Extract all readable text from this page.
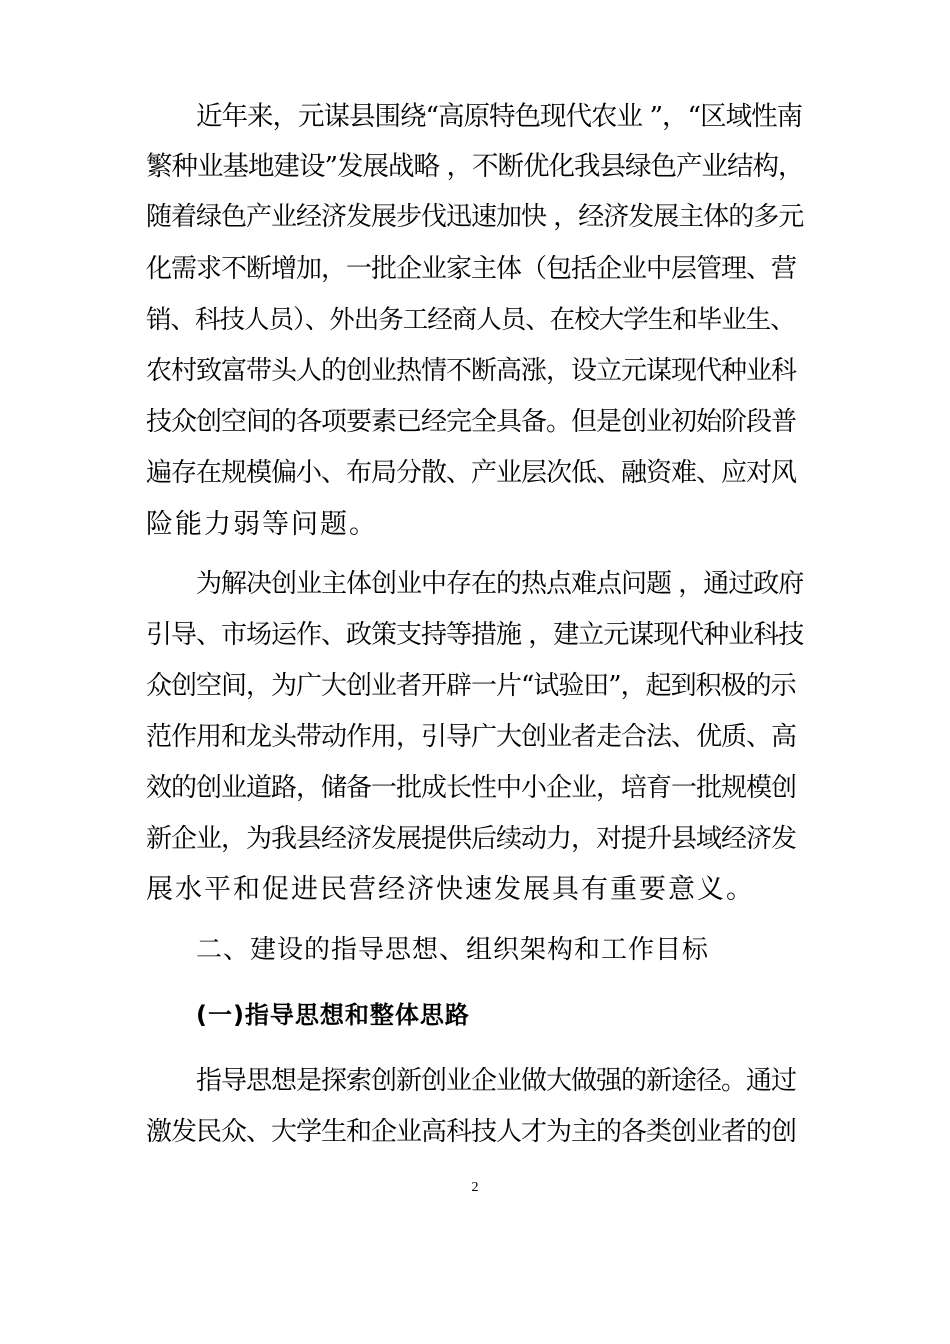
近年来，元谋县围绕“高原特色现代农业 ”，“区域性南
繁种业基地建设”发展战略 ，不断优化我县绿色产业结构，
随着绿色产业经济发展步伐迅速加快 ，经济发展主体的多元
化需求不断增加，一批企业家主体（包括企业中层管理、营
销、科技人员）、外出务工经商人员、在校大学生和毕业生、
农村致富带头人的创业热情不断高涨，设立元谋现代种业科
技众创空间的各项要素已经完全具备。但是创业初始阶段普
遍存在规模偏小、布局分散、产业层次低、融资难、应对风
险能力弱等问题。
为解决创业主体创业中存在的热点难点问题 ，通过政府
引导、市场运作、政策支持等措施 ，建立元谋现代种业科技
众创空间，为广大创业者开辟一片“试验田”，起到积极的示
范作用和龙头带动作用，引导广大创业者走合法、优质、高
效的创业道路，储备一批成长性中小企业，培育一批规模创
新企业，为我县经济发展提供后续动力，对提升县域经济发
展水平和促进民营经济快速发展具有重要意义。
二、建设的指导思想、组织架构和工作目标
(一)指导思想和整体思路
指导思想是探索创新创业企业做大做强的新途径。通过
激发民众、大学生和企业高科技人才为主的各类创业者的创
2
